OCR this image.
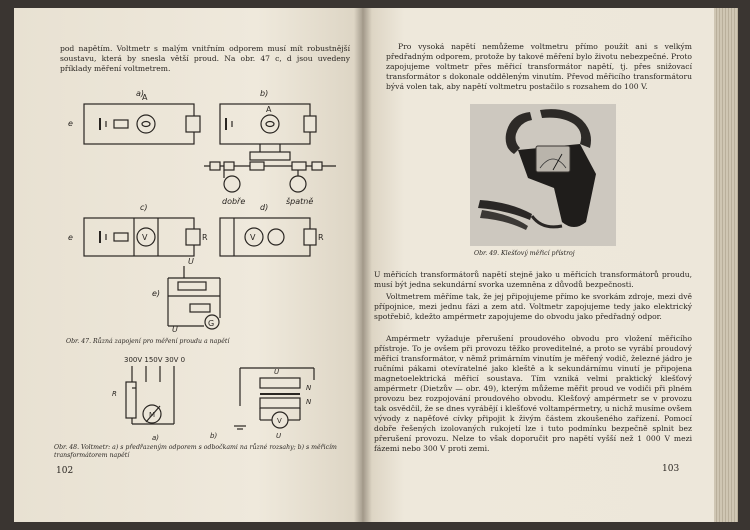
pod napětím. Voltmetr s malým vnitřním odporem musí mít robustnější soustavu, která by snesla větší proud. Na obr. 47 c, d jsou uvedeny příklady měření voltmetrem.
a)	b)
c)	d)
e)
dobře	špatně
e
A
A
V	V
e	R	R
G
U
U
Obr. 47. Různá zapojení pro měření proudu a napětí
300V 150V 30V 0
R
M
V
U
N
N
U
a)	b)
Obr. 48. Voltmetr: a) s předřazeným odporem s odbočkami na různé rozsahy; b) s měřicím transformátorem napětí
102
Pro vysoká napětí nemůžeme voltmetru přímo použít ani s velkým předřadným odporem, protože by takové měření bylo životu nebezpečné. Proto zapojujeme voltmetr přes měřicí transformátor napětí, tj. přes snižovací transformátor s dokonale odděleným vinutím. Převod měřicího transformátoru bývá volen tak, aby napětí voltmetru postačilo s rozsahem do 100 V.
Obr. 49. Klešťový měřicí přístroj
U měřicích transformátorů napětí stejně jako u měřicích transformátorů proudu, musí být jedna sekundární svorka uzemněna z důvodů bezpečnosti.
Voltmetrem měříme tak, že jej připojujeme přímo ke svorkám zdroje, mezi dvě přípojnice, mezi jednu fázi a zem atd. Voltmetr zapojujeme tedy jako elektrický spotřebič, kdežto ampérmetr zapojujeme do obvodu jako předřadný odpor.
Ampérmetr vyžaduje přerušení proudového obvodu pro vložení měřicího přístroje. To je ovšem při provozu těžko proveditelné, a proto se vyrábí proudový měřicí transformátor, v němž primárním vinutím je měřený vodič, železné jádro je ručními pákami otevíratelné jako kleště a k sekundárnímu vinutí je připojena magnetoelektrická měřicí soustava. Tím vzniká velmi praktický klešťový ampérmetr (Dietzův — obr. 49), kterým můžeme měřit proud ve vodiči při plném provozu bez rozpojování proudového obvodu. Klešťový ampérmetr se v provozu tak osvědčil, že se dnes vyrábějí i klešťové voltampérmetry, u nichž musíme ovšem vývody z napěťové cívky připojit k živým částem zkoušeného zařízení. Pomocí dobře řešených izolovaných rukojetí lze i tuto podmínku bezpečně splnit bez přerušení provozu. Nelze to však doporučit pro napětí vyšší než 1 000 V mezi fázemi nebo 300 V proti zemi.
103
